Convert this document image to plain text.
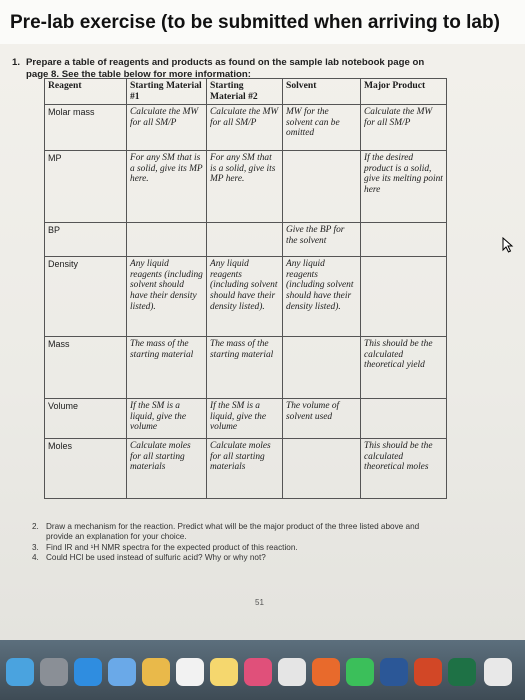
Pre-lab exercise (to be submitted when arriving to lab)
1. Prepare a table of reagents and products as found on the sample lab notebook page on page 8. See the table below for more information:
Reagent	Starting Material #1	Starting Material #2	Solvent	Major Product
Molar mass	Calculate the MW for all SM/P	Calculate the MW for all SM/P	MW for the solvent can be omitted	Calculate the MW for all SM/P
MP	For any SM that is a solid, give its MP here.	For any SM that is a solid, give its MP here.		If the desired product is a solid, give its melting point here
BP			Give the BP for the solvent	
Density	Any liquid reagents (including solvent should have their density listed).	Any liquid reagents (including solvent should have their density listed).	Any liquid reagents (including solvent should have their density listed).	
Mass	The mass of the starting material	The mass of the starting material		This should be the calculated theoretical yield
Volume	If the SM is a liquid, give the volume	If the SM is a liquid, give the volume	The volume of solvent used	
Moles	Calculate moles for all starting materials	Calculate moles for all starting materials		This should be the calculated theoretical moles
2. Draw a mechanism for the reaction. Predict what will be the major product of the three listed above and provide an explanation for your choice.
3. Find IR and ¹H NMR spectra for the expected product of this reaction.
4. Could HCl be used instead of sulfuric acid? Why or why not?
51
